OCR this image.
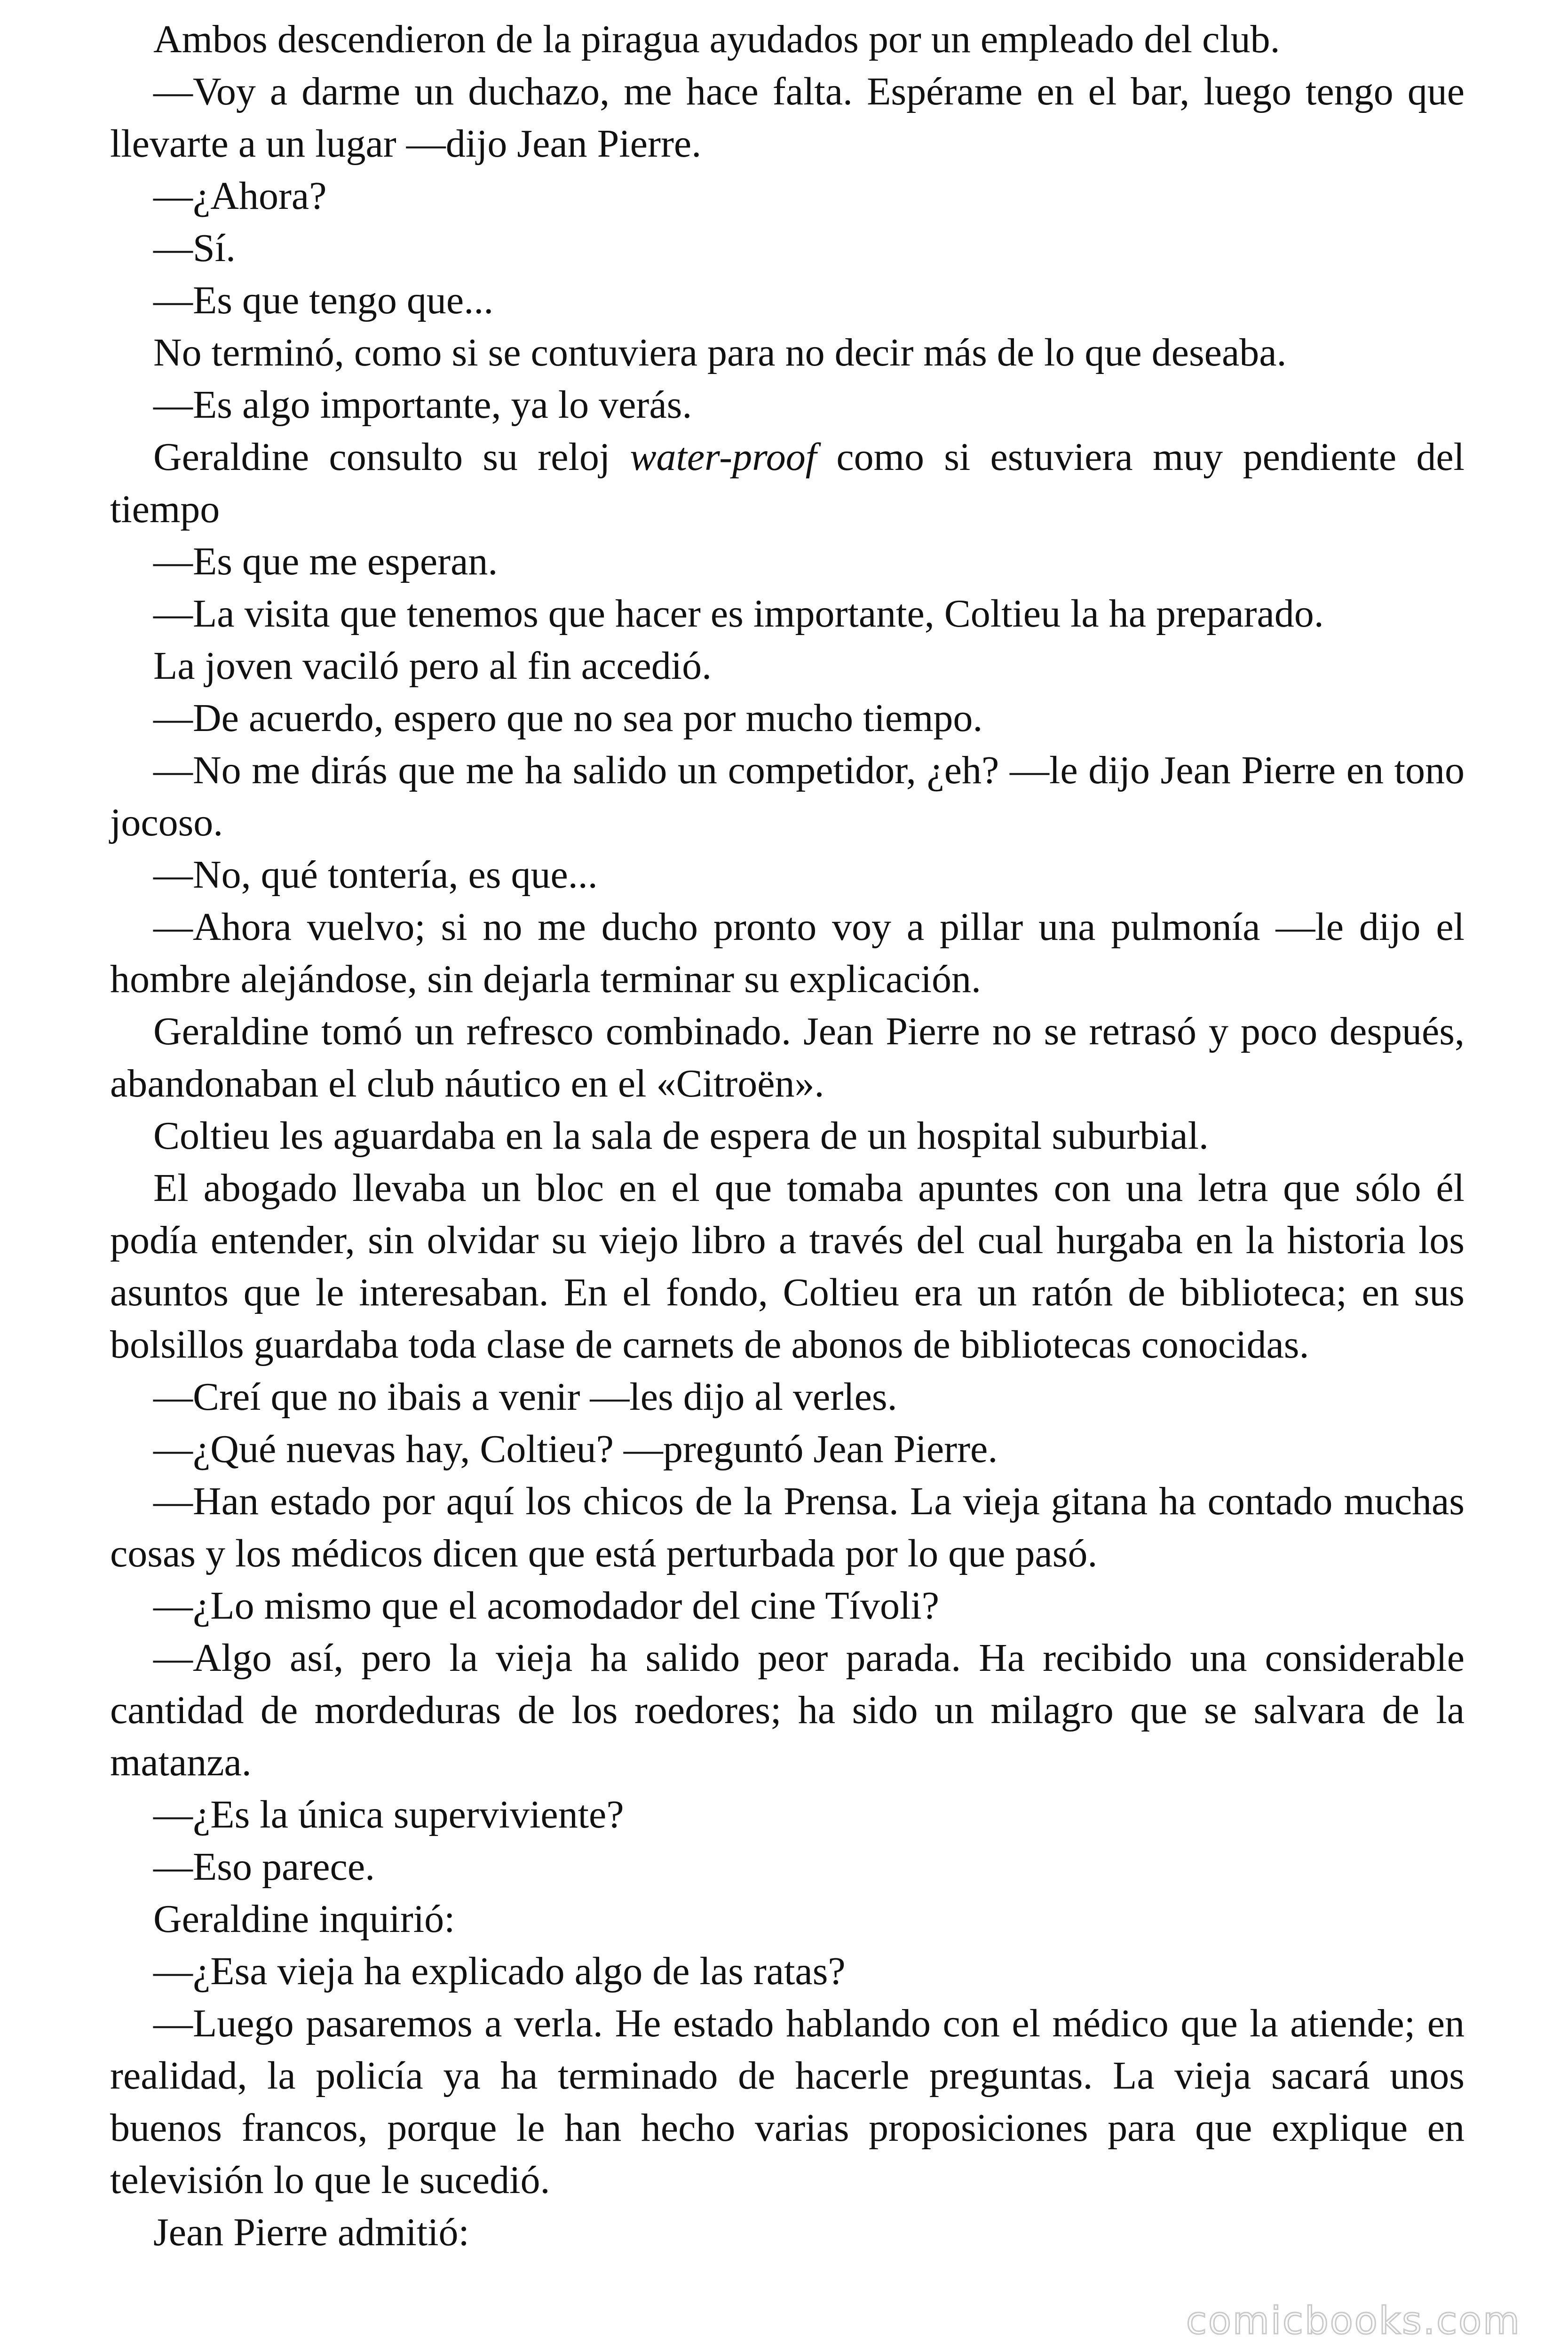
Ambos descendieron de la piragua ayudados por un empleado del club.

—Voy a darme un duchazo, me hace falta. Espérame en el bar, luego tengo que llevarte a un lugar —dijo Jean Pierre.

—¿Ahora?

—Sí.

—Es que tengo que...

No terminó, como si se contuviera para no decir más de lo que deseaba.

—Es algo importante, ya lo verás.

Geraldine consulto su reloj water-proof como si estuviera muy pendiente del tiempo

—Es que me esperan.

—La visita que tenemos que hacer es importante, Coltieu la ha preparado.

La joven vaciló pero al fin accedió.

—De acuerdo, espero que no sea por mucho tiempo.

—No me dirás que me ha salido un competidor, ¿eh? —le dijo Jean Pierre en tono jocoso.

—No, qué tontería, es que...

—Ahora vuelvo; si no me ducho pronto voy a pillar una pulmonía —le dijo el hombre alejándose, sin dejarla terminar su explicación.

Geraldine tomó un refresco combinado. Jean Pierre no se retrasó y poco después, abandonaban el club náutico en el «Citroën».

Coltieu les aguardaba en la sala de espera de un hospital suburbial.

El abogado llevaba un bloc en el que tomaba apuntes con una letra que sólo él podía entender, sin olvidar su viejo libro a través del cual hurgaba en la historia los asuntos que le interesaban. En el fondo, Coltieu era un ratón de biblioteca; en sus bolsillos guardaba toda clase de carnets de abonos de bibliotecas conocidas.

—Creí que no ibais a venir —les dijo al verles.

—¿Qué nuevas hay, Coltieu? —preguntó Jean Pierre.

—Han estado por aquí los chicos de la Prensa. La vieja gitana ha contado muchas cosas y los médicos dicen que está perturbada por lo que pasó.

—¿Lo mismo que el acomodador del cine Tívoli?

—Algo así, pero la vieja ha salido peor parada. Ha recibido una considerable cantidad de mordeduras de los roedores; ha sido un milagro que se salvara de la matanza.

—¿Es la única superviviente?

—Eso parece.

Geraldine inquirió:

—¿Esa vieja ha explicado algo de las ratas?

—Luego pasaremos a verla. He estado hablando con el médico que la atiende; en realidad, la policía ya ha terminado de hacerle preguntas. La vieja sacará unos buenos francos, porque le han hecho varias proposiciones para que explique en televisión lo que le sucedió.

Jean Pierre admitió:

comicbooks.com
